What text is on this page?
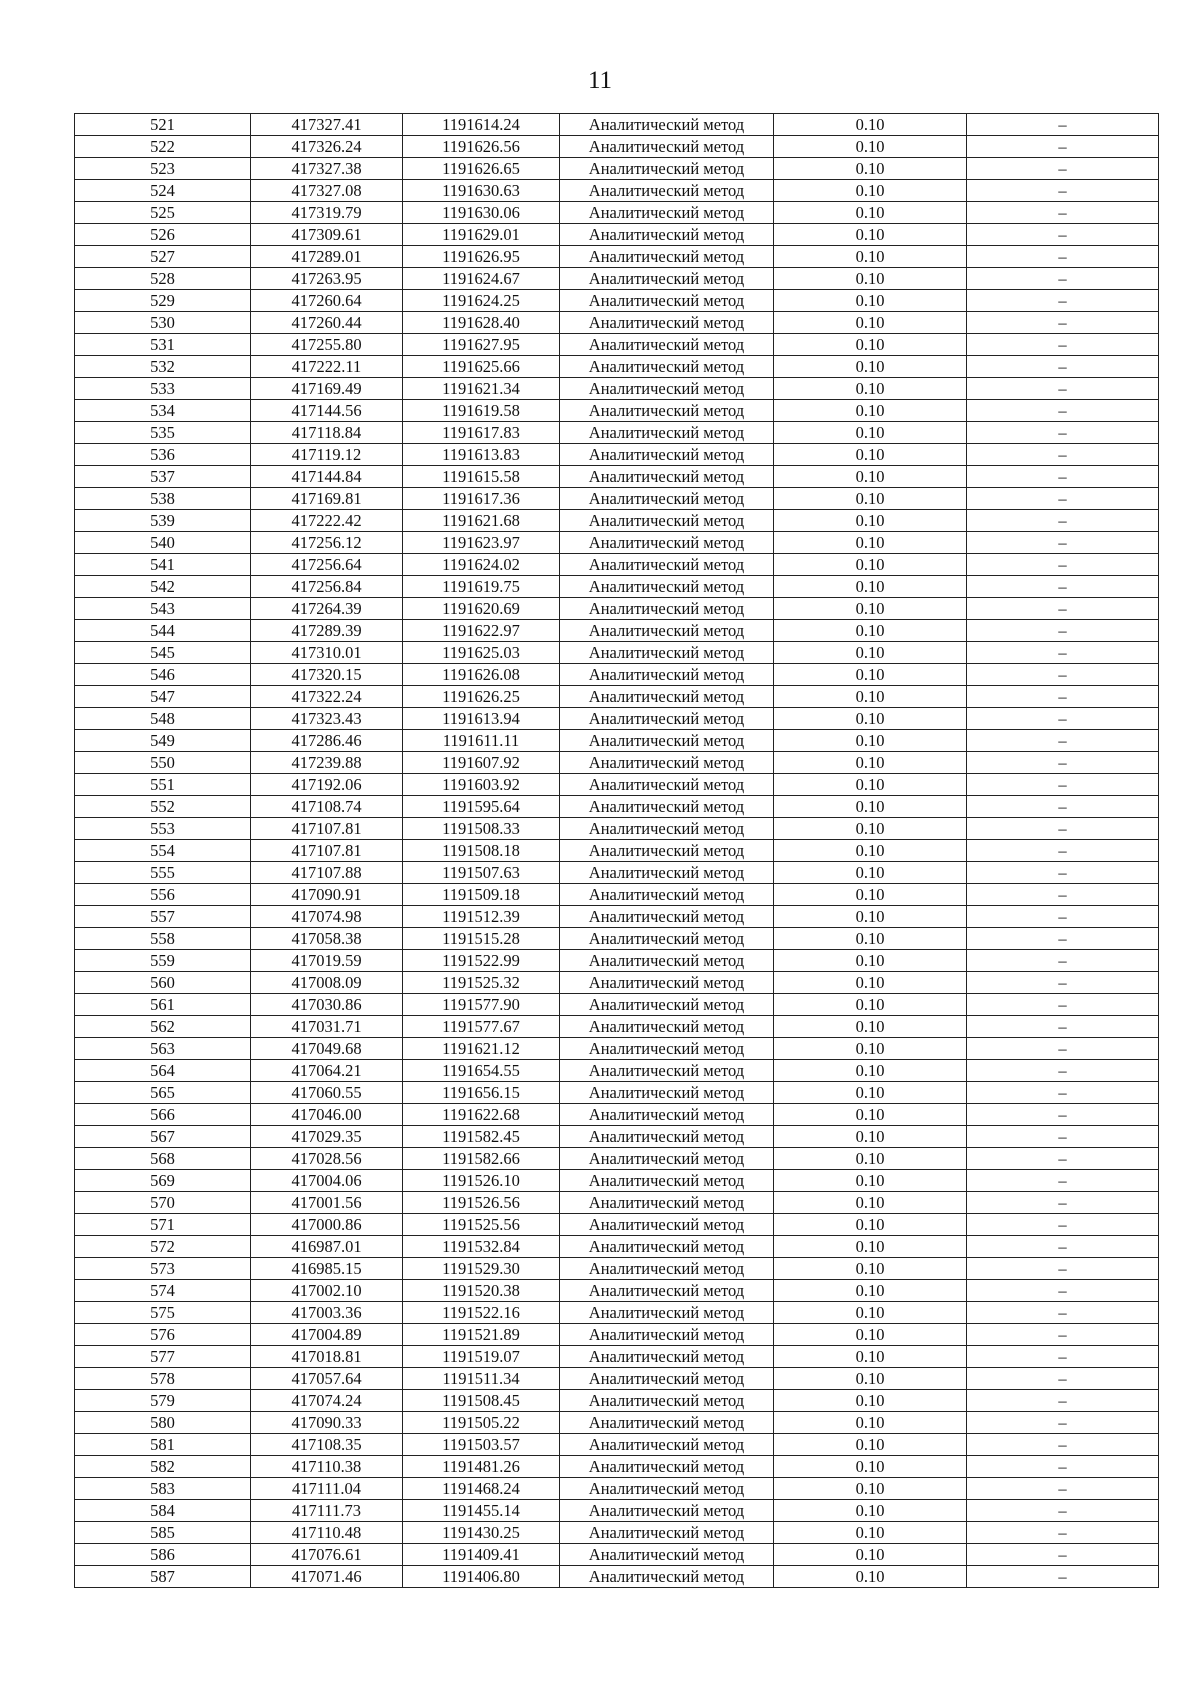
11
521	417327.41	1191614.24	Аналитический метод	0.10	–
522	417326.24	1191626.56	Аналитический метод	0.10	–
523	417327.38	1191626.65	Аналитический метод	0.10	–
524	417327.08	1191630.63	Аналитический метод	0.10	–
525	417319.79	1191630.06	Аналитический метод	0.10	–
526	417309.61	1191629.01	Аналитический метод	0.10	–
527	417289.01	1191626.95	Аналитический метод	0.10	–
528	417263.95	1191624.67	Аналитический метод	0.10	–
529	417260.64	1191624.25	Аналитический метод	0.10	–
530	417260.44	1191628.40	Аналитический метод	0.10	–
531	417255.80	1191627.95	Аналитический метод	0.10	–
532	417222.11	1191625.66	Аналитический метод	0.10	–
533	417169.49	1191621.34	Аналитический метод	0.10	–
534	417144.56	1191619.58	Аналитический метод	0.10	–
535	417118.84	1191617.83	Аналитический метод	0.10	–
536	417119.12	1191613.83	Аналитический метод	0.10	–
537	417144.84	1191615.58	Аналитический метод	0.10	–
538	417169.81	1191617.36	Аналитический метод	0.10	–
539	417222.42	1191621.68	Аналитический метод	0.10	–
540	417256.12	1191623.97	Аналитический метод	0.10	–
541	417256.64	1191624.02	Аналитический метод	0.10	–
542	417256.84	1191619.75	Аналитический метод	0.10	–
543	417264.39	1191620.69	Аналитический метод	0.10	–
544	417289.39	1191622.97	Аналитический метод	0.10	–
545	417310.01	1191625.03	Аналитический метод	0.10	–
546	417320.15	1191626.08	Аналитический метод	0.10	–
547	417322.24	1191626.25	Аналитический метод	0.10	–
548	417323.43	1191613.94	Аналитический метод	0.10	–
549	417286.46	1191611.11	Аналитический метод	0.10	–
550	417239.88	1191607.92	Аналитический метод	0.10	–
551	417192.06	1191603.92	Аналитический метод	0.10	–
552	417108.74	1191595.64	Аналитический метод	0.10	–
553	417107.81	1191508.33	Аналитический метод	0.10	–
554	417107.81	1191508.18	Аналитический метод	0.10	–
555	417107.88	1191507.63	Аналитический метод	0.10	–
556	417090.91	1191509.18	Аналитический метод	0.10	–
557	417074.98	1191512.39	Аналитический метод	0.10	–
558	417058.38	1191515.28	Аналитический метод	0.10	–
559	417019.59	1191522.99	Аналитический метод	0.10	–
560	417008.09	1191525.32	Аналитический метод	0.10	–
561	417030.86	1191577.90	Аналитический метод	0.10	–
562	417031.71	1191577.67	Аналитический метод	0.10	–
563	417049.68	1191621.12	Аналитический метод	0.10	–
564	417064.21	1191654.55	Аналитический метод	0.10	–
565	417060.55	1191656.15	Аналитический метод	0.10	–
566	417046.00	1191622.68	Аналитический метод	0.10	–
567	417029.35	1191582.45	Аналитический метод	0.10	–
568	417028.56	1191582.66	Аналитический метод	0.10	–
569	417004.06	1191526.10	Аналитический метод	0.10	–
570	417001.56	1191526.56	Аналитический метод	0.10	–
571	417000.86	1191525.56	Аналитический метод	0.10	–
572	416987.01	1191532.84	Аналитический метод	0.10	–
573	416985.15	1191529.30	Аналитический метод	0.10	–
574	417002.10	1191520.38	Аналитический метод	0.10	–
575	417003.36	1191522.16	Аналитический метод	0.10	–
576	417004.89	1191521.89	Аналитический метод	0.10	–
577	417018.81	1191519.07	Аналитический метод	0.10	–
578	417057.64	1191511.34	Аналитический метод	0.10	–
579	417074.24	1191508.45	Аналитический метод	0.10	–
580	417090.33	1191505.22	Аналитический метод	0.10	–
581	417108.35	1191503.57	Аналитический метод	0.10	–
582	417110.38	1191481.26	Аналитический метод	0.10	–
583	417111.04	1191468.24	Аналитический метод	0.10	–
584	417111.73	1191455.14	Аналитический метод	0.10	–
585	417110.48	1191430.25	Аналитический метод	0.10	–
586	417076.61	1191409.41	Аналитический метод	0.10	–
587	417071.46	1191406.80	Аналитический метод	0.10	–
